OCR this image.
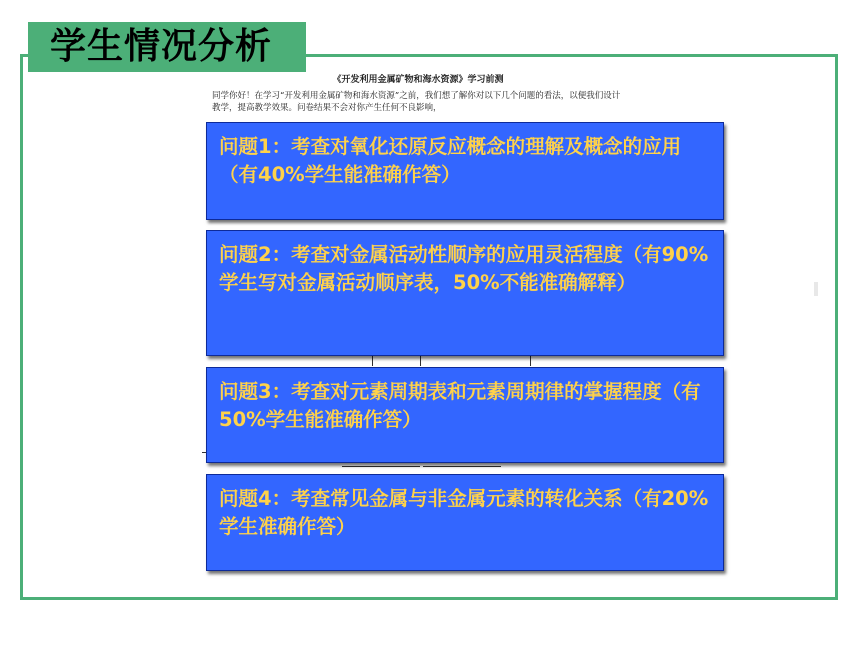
学生情况分析
《开发利用金属矿物和海水资源》学习前测
同学你好！在学习“开发利用金属矿物和海水资源”之前，我们想了解你对以下几个问题的看法，以便我们设计教学，提高教学效果。问卷结果不会对你产生任何不良影响，

问题1：考查对氧化还原反应概念的理解及概念的应用（有40%学生能准确作答）
问题2：考查对金属活动性顺序的应用灵活程度（有90%学生写对金属活动顺序表，50%不能准确解释）
问题3：考查对元素周期表和元素周期律的掌握程度（有50%学生能准确作答）
问题4：考查常见金属与非金属元素的转化关系（有20%学生准确作答）
